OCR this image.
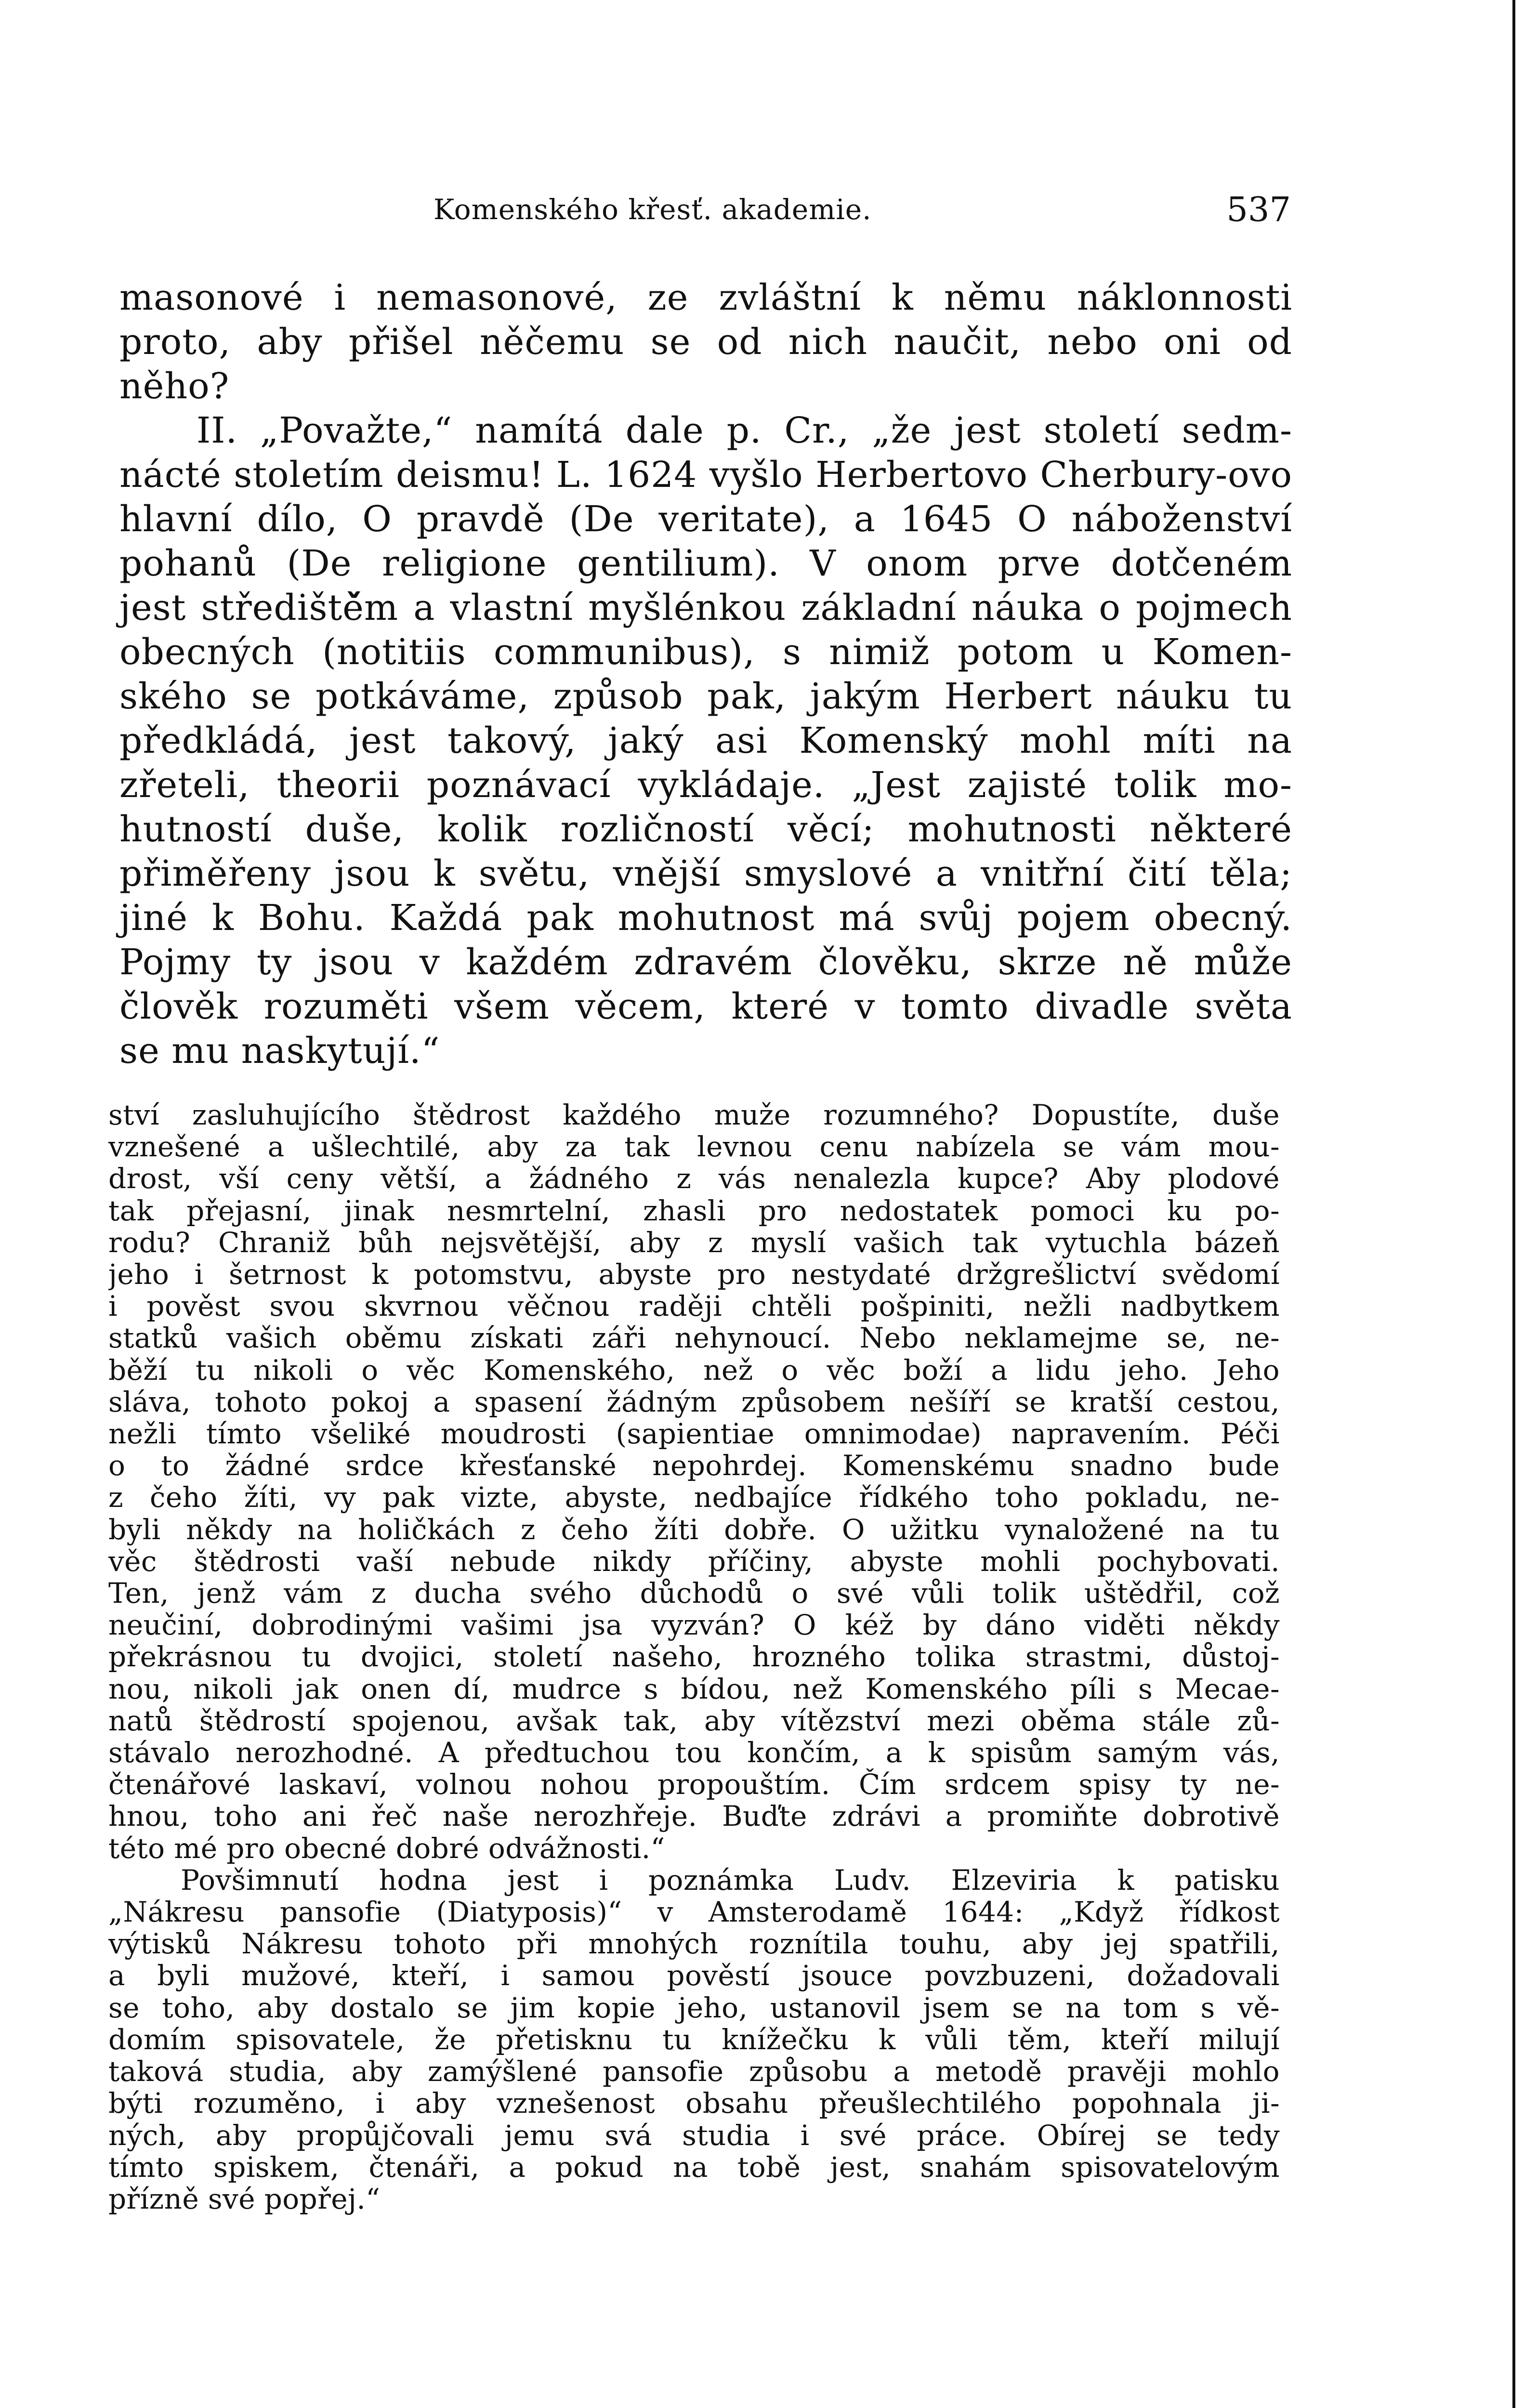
Komenského křesť. akademie.	537

masonové i nemasonové, ze zvláštní k němu náklonnosti
proto, aby přišel něčemu se od nich naučit, nebo oni od
něho?

II. „Považte,“ namítá dale p. Cr., „že jest století sedm-
nácté stoletím deismu! L. 1624 vyšlo Herbertovo Cherbury-ovo
hlavní dílo, O pravdě (De veritate), a 1645 O náboženství
pohanů (De religione gentilium). V onom prve dotčeném
jest střediště̌m a vlastní myšlénkou základní náuka o pojmech
obecných (notitiis communibus), s nimiž potom u Komen-
ského se potkáváme, způsob pak, jakým Herbert náuku tu
předkládá, jest takový, jaký asi Komenský mohl míti na
zřeteli, theorii poznávací vykládaje. „Jest zajisté tolik mo-
hutností duše, kolik rozličností věcí; mohutnosti některé
přiměřeny jsou k světu, vnější smyslové a vnitřní čití těla;
jiné k Bohu. Každá pak mohutnost má svůj pojem obecný.
Pojmy ty jsou v každém zdravém člověku, skrze ně může
člověk rozuměti všem věcem, které v tomto divadle světa
se mu naskytují.“

ství zasluhujícího štědrost každého muže rozumného? Dopustíte, duše
vznešené a ušlechtilé, aby za tak levnou cenu nabízela se vám mou-
drost, vší ceny větší, a žádného z vás nenalezla kupce? Aby plodové
tak přejasní, jinak nesmrtelní, zhasli pro nedostatek pomoci ku po-
rodu? Chraniž bůh nejsvětější, aby z myslí vašich tak vytuchla bázeň
jeho i šetrnost k potomstvu, abyste pro nestydaté držgrešlictví svědomí
i pověst svou skvrnou věčnou raději chtěli pošpiniti, nežli nadbytkem
statků vašich oběmu získati záři nehynoucí. Nebo neklamejme se, ne-
běží tu nikoli o věc Komenského, než o věc boží a lidu jeho. Jeho
sláva, tohoto pokoj a spasení žádným způsobem nešíří se kratší cestou,
nežli tímto všeliké moudrosti (sapientiae omnimodae) napravením. Péči
o to žádné srdce křesťanské nepohrdej. Komenskému snadno bude
z čeho žíti, vy pak vizte, abyste, nedbajíce řídkého toho pokladu, ne-
byli někdy na holičkách z čeho žíti dobře. O užitku vynaložené na tu
věc štědrosti vaší nebude nikdy příčiny, abyste mohli pochybovati.
Ten, jenž vám z ducha svého důchodů o své vůli tolik uštědřil, což
neučiní, dobrodinými vašimi jsa vyzván? O kéž by dáno viděti někdy
překrásnou tu dvojici, století našeho, hrozného tolika strastmi, důstoj-
nou, nikoli jak onen dí, mudrce s bídou, než Komenského píli s Mecae-
natů štědrostí spojenou, avšak tak, aby vítězství mezi oběma stále zů-
stávalo nerozhodné. A předtuchou tou končím, a k spisům samým vás,
čtenářové laskaví, volnou nohou propouštím. Čím srdcem spisy ty ne-
hnou, toho ani řeč naše nerozhřeje. Buďte zdrávi a promiňte dobrotivě
této mé pro obecné dobré odvážnosti.“
Povšimnutí hodna jest i poznámka Ludv. Elzeviria k patisku
„Nákresu pansofie (Diatyposis)“ v Amsterodamě 1644: „Když řídkost
výtisků Nákresu tohoto při mnohých roznítila touhu, aby jej spatřili,
a byli mužové, kteří, i samou pověstí jsouce povzbuzeni, dožadovali
se toho, aby dostalo se jim kopie jeho, ustanovil jsem se na tom s vě-
domím spisovatele, že přetisknu tu knížečku k vůli těm, kteří milují
taková studia, aby zamýšlené pansofie způsobu a metodě pravěji mohlo
býti rozuměno, i aby vznešenost obsahu přeušlechtilého popohnala ji-
ných, aby propůjčovali jemu svá studia i své práce. Obírej se tedy
tímto spiskem, čtenáři, a pokud na tobě jest, snahám spisovatelovým
přízně své popřej.“
